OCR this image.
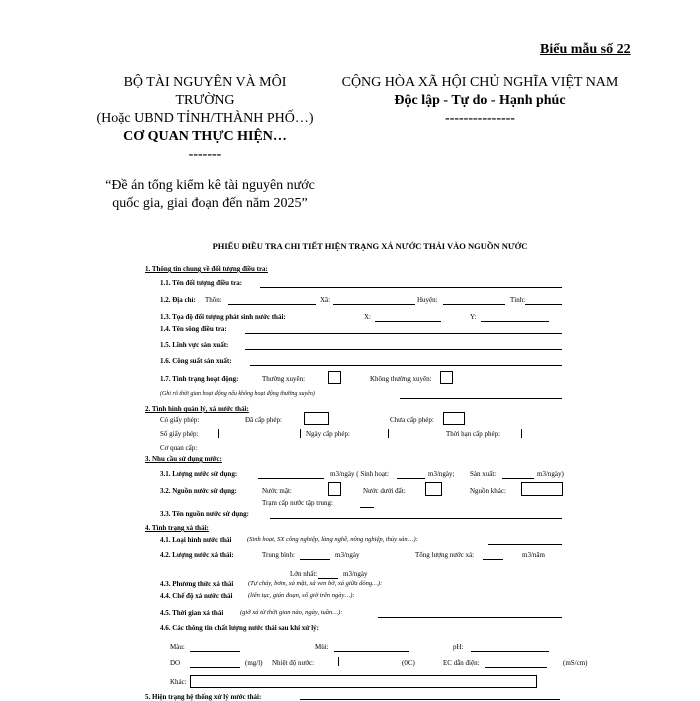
Biểu mẫu số 22
BỘ TÀI NGUYÊN VÀ MÔI
TRƯỜNG
(Hoặc UBND TỈNH/THÀNH PHỐ…)
CƠ QUAN THỰC HIỆN…
-------
CỘNG HÒA XÃ HỘI CHỦ NGHĨA VIỆT NAM
Độc lập - Tự do - Hạnh phúc
---------------
“Đề án tổng kiểm kê tài nguyên nước
quốc gia, giai đoạn đến năm 2025”
PHIẾU ĐIỀU TRA CHI TIẾT HIỆN TRẠNG XẢ NƯỚC THẢI VÀO NGUỒN NƯỚC
1. Thông tin chung về đối tượng điều tra:
1.1. Tên đối tượng điều tra:
1.2. Địa chỉ: Thôn:	Xã:	Huyện:	Tỉnh:
1.3. Tọa độ đối tượng phát sinh nước thải:	X:	Y:
1.4. Tên sông điều tra:
1.5. Lĩnh vực sản xuất:
1.6. Công suất sản xuất:
1.7. Tình trạng hoạt động:	Thường xuyên:	Không thường xuyên:
(Ghi rõ thời gian hoạt động nếu không hoạt động thường xuyên)
2. Tình hình quản lý, xả nước thải:
Có giấy phép:	Đã cấp phép:	Chưa cấp phép:
Số giấy phép:	Ngày cấp phép:	Thời hạn cấp phép:
Cơ quan cấp:
3. Nhu cầu sử dụng nước:
3.1. Lượng nước sử dụng:	m3/ngày ( Sinh hoạt:	m3/ngày; Sản xuất:	m3/ngày)
3.2. Nguồn nước sử dụng:	Nước mặt:	Nước dưới đất:	Nguồn khác:
Trạm cấp nước tập trung:
3.3. Tên nguồn nước sử dụng:
4. Tình trạng xả thải:
4.1. Loại hình nước thải (Sinh hoạt, SX công nghiệp, làng nghề, nông nghiệp, thủy sản…):
4.2. Lượng nước xả thải:	Trung bình:	m3/ngày	Tổng lượng nước xả:	m3/năm
Lớn nhất:	m3/ngày
4.3. Phương thức xả thải (Tự chảy, bơm, xả mặt, xả ven bờ, xả giữa dòng…):
4.4. Chế độ xả nước thải (liên tục, gián đoạn, số giờ trên ngày…):
4.5. Thời gian xả thải	(giờ xả từ thời gian nào, ngày, tuần…):
4.6. Các thông tin chất lượng nước thải sau khi xử lý:
Màu:	Mùi:	pH:
DO	(mg/l) Nhiệt độ nước:	(0C)	EC dẫn điện:	(mS/cm)
Khác:
5. Hiện trạng hệ thống xử lý nước thải:
